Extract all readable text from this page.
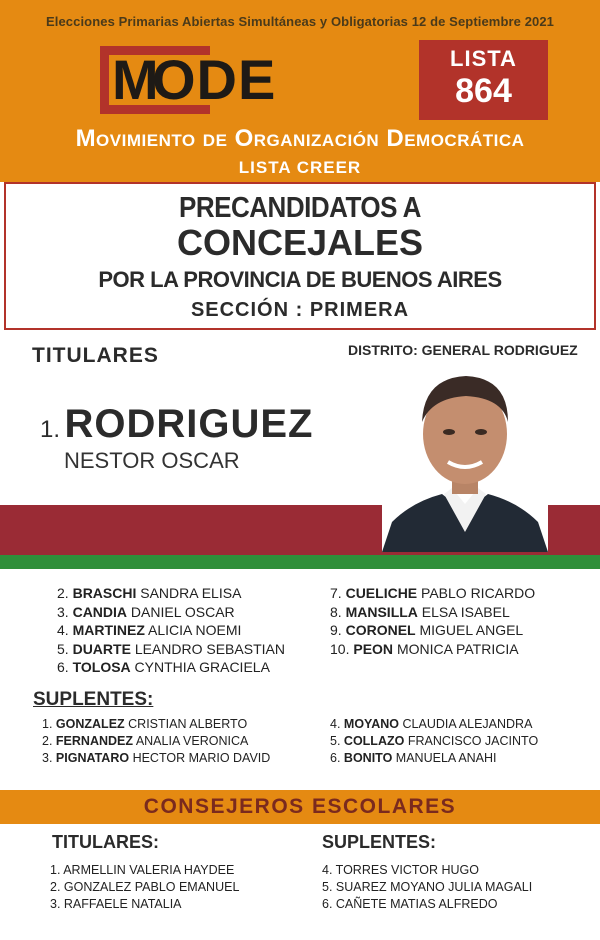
Elecciones Primarias Abiertas Simultáneas y Obligatorias 12 de Septiembre 2021
M
ODE	LISTA
864
Movimiento de Organización Democrática
LISTA CREER
PRECANDIDATOS A
CONCEJALES
POR LA PROVINCIA DE BUENOS AIRES
SECCIÓN : PRIMERA
TITULARES	DISTRITO: GENERAL RODRIGUEZ
1. RODRIGUEZ
NESTOR OSCAR
2. BRASCHI SANDRA ELISA
3. CANDIA DANIEL OSCAR
4. MARTINEZ ALICIA NOEMI
5. DUARTE LEANDRO SEBASTIAN
6. TOLOSA CYNTHIA GRACIELA
7. CUELICHE PABLO RICARDO
8. MANSILLA ELSA ISABEL
9. CORONEL MIGUEL ANGEL
10. PEON MONICA PATRICIA
SUPLENTES:
1. GONZALEZ CRISTIAN ALBERTO
2. FERNANDEZ ANALIA VERONICA
3. PIGNATARO HECTOR MARIO DAVID
4. MOYANO CLAUDIA ALEJANDRA
5. COLLAZO FRANCISCO JACINTO
6. BONITO MANUELA ANAHI
CONSEJEROS ESCOLARES
TITULARES:	SUPLENTES:
1. ARMELLIN VALERIA HAYDEE
2. GONZALEZ PABLO EMANUEL
3. RAFFAELE NATALIA
4. TORRES VICTOR HUGO
5. SUAREZ MOYANO JULIA MAGALI
6. CAÑETE MATIAS ALFREDO
